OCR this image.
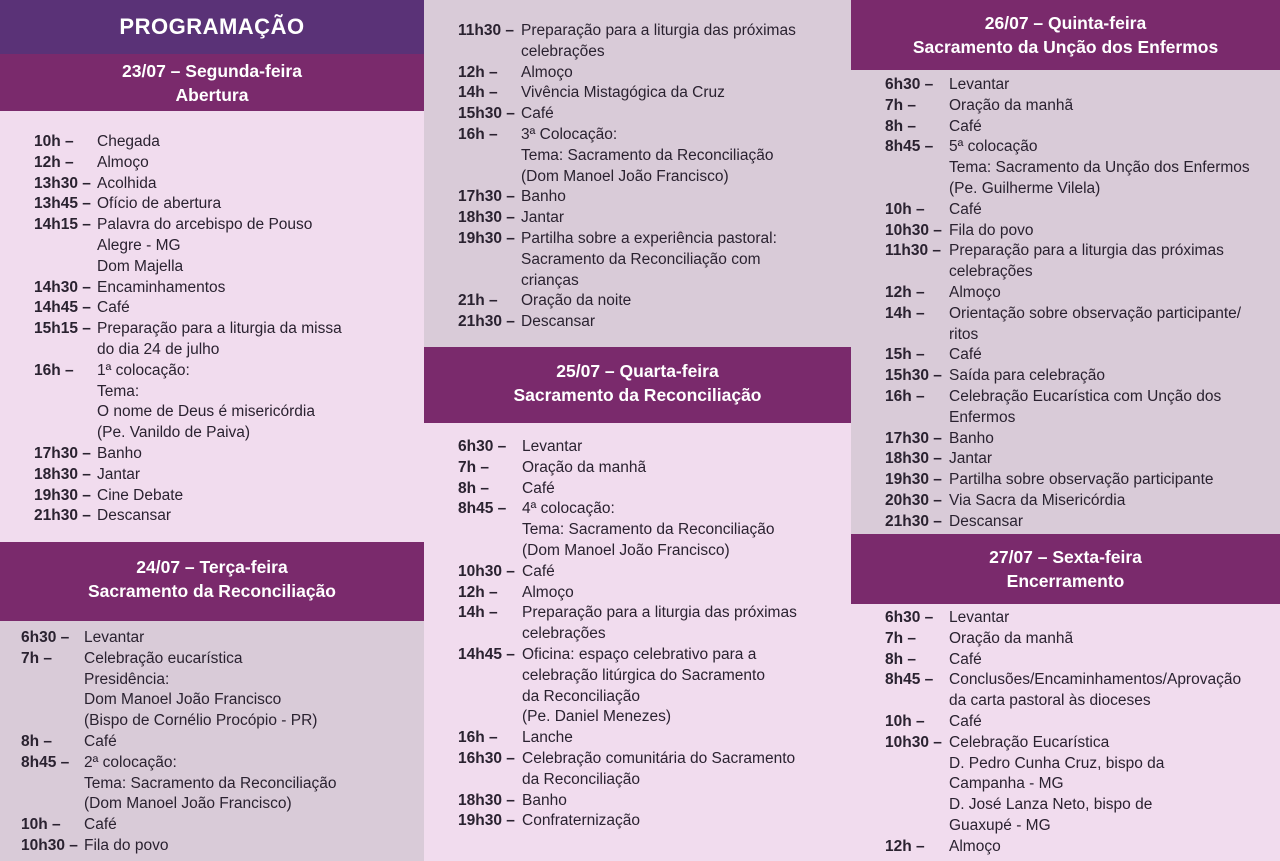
PROGRAMAÇÃO
23/07 – Segunda-feira
Abertura
10h –	Chegada
12h –	Almoço
13h30 – Acolhida
13h45 – Ofício de abertura
14h15 – Palavra do arcebispo de Pouso
Alegre - MG
Dom Majella
14h30 – Encaminhamentos
14h45 – Café
15h15 – Preparação para a liturgia da missa
do dia 24 de julho
16h –	1ª colocação:
Tema:
O nome de Deus é misericórdia
(Pe. Vanildo de Paiva)
17h30 – Banho
18h30 – Jantar
19h30 – Cine Debate
21h30 – Descansar
24/07 – Terça-feira
Sacramento da Reconciliação
6h30 – Levantar
7h –	Celebração eucarística
Presidência:
Dom Manoel João Francisco
(Bispo de Cornélio Procópio - PR)
8h –	Café
8h45 – 2ª colocação:
Tema: Sacramento da Reconciliação
(Dom Manoel João Francisco)
10h –	Café
10h30 – Fila do povo
11h30 – Preparação para a liturgia das próximas
celebrações
12h –	Almoço
14h –	Vivência Mistagógica da Cruz
15h30 – Café
16h –	3ª Colocação:
Tema: Sacramento da Reconciliação
(Dom Manoel João Francisco)
17h30 – Banho
18h30 – Jantar
19h30 – Partilha sobre a experiência pastoral:
Sacramento da Reconciliação com
crianças
21h –	Oração da noite
21h30 – Descansar
25/07 – Quarta-feira
Sacramento da Reconciliação
6h30 –	Levantar
7h –	Oração da manhã
8h –	Café
8h45 –	4ª colocação:
Tema: Sacramento da Reconciliação
(Dom Manoel João Francisco)
10h30 – Café
12h –	Almoço
14h –	Preparação para a liturgia das próximas
celebrações
14h45 – Oficina: espaço celebrativo para a
celebração litúrgica do Sacramento
da Reconciliação
(Pe. Daniel Menezes)
16h –	Lanche
16h30 – Celebração comunitária do Sacramento
da Reconciliação
18h30 – Banho
19h30 – Confraternização
26/07 – Quinta-feira
Sacramento da Unção dos Enfermos
6h30 –	Levantar
7h –	Oração da manhã
8h –	Café
8h45 –	5ª colocação
Tema: Sacramento da Unção dos Enfermos
(Pe. Guilherme Vilela)
10h –	Café
10h30 – Fila do povo
11h30 – Preparação para a liturgia das próximas
celebrações
12h –	Almoço
14h –	Orientação sobre observação participante/
ritos
15h –	Café
15h30 – Saída para celebração
16h –	Celebração Eucarística com Unção dos
Enfermos
17h30 – Banho
18h30 – Jantar
19h30 – Partilha sobre observação participante
20h30 – Via Sacra da Misericórdia
21h30 – Descansar
27/07 – Sexta-feira
Encerramento
6h30 –	Levantar
7h –	Oração da manhã
8h –	Café
8h45 –	Conclusões/Encaminhamentos/Aprovação
da carta pastoral às dioceses
10h –	Café
10h30 – Celebração Eucarística
D. Pedro Cunha Cruz, bispo da
Campanha - MG
D. José Lanza Neto, bispo de
Guaxupé - MG
12h –	Almoço
